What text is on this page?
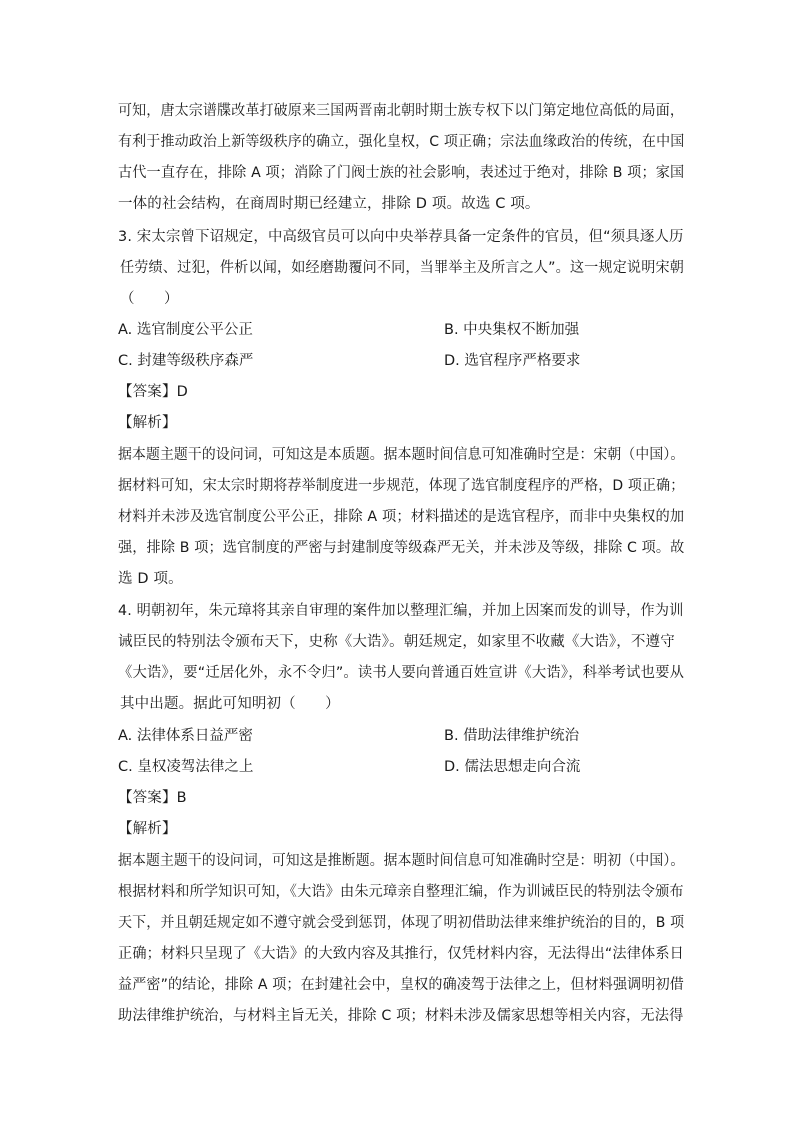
可知，唐太宗谱牒改革打破原来三国两晋南北朝时期士族专权下以门第定地位高低的局面，
有利于推动政治上新等级秩序的确立，强化皇权，C 项正确；宗法血缘政治的传统，在中国
古代一直存在，排除 A 项；消除了门阀士族的社会影响，表述过于绝对，排除 B 项；家国
一体的社会结构，在商周时期已经建立，排除 D 项。故选 C 项。
3. 宋太宗曾下诏规定，中高级官员可以向中央举荐具备一定条件的官员，但“须具逐人历
任劳绩、过犯，件析以闻，如经磨勘覆问不同，当罪举主及所言之人”。这一规定说明宋朝
（　　）
A. 选官制度公平公正	B. 中央集权不断加强
C. 封建等级秩序森严	D. 选官程序严格要求
【答案】D
【解析】
据本题主题干的设问词，可知这是本质题。据本题时间信息可知准确时空是：宋朝（中国）。
据材料可知，宋太宗时期将荐举制度进一步规范，体现了选官制度程序的严格，D 项正确；
材料并未涉及选官制度公平公正，排除 A 项；材料描述的是选官程序，而非中央集权的加
强，排除 B 项；选官制度的严密与封建制度等级森严无关，并未涉及等级，排除 C 项。故
选 D 项。
4. 明朝初年，朱元璋将其亲自审理的案件加以整理汇编，并加上因案而发的训导，作为训
诫臣民的特别法令颁布天下，史称《大诰》。朝廷规定，如家里不收藏《大诰》，不遵守
《大诰》，要“迁居化外，永不令归”。读书人要向普通百姓宣讲《大诰》，科举考试也要从
其中出题。据此可知明初（　　）
A. 法律体系日益严密	B. 借助法律维护统治
C. 皇权凌驾法律之上	D. 儒法思想走向合流
【答案】B
【解析】
据本题主题干的设问词，可知这是推断题。据本题时间信息可知准确时空是：明初（中国）。
根据材料和所学知识可知，《大诰》由朱元璋亲自整理汇编，作为训诫臣民的特别法令颁布
天下，并且朝廷规定如不遵守就会受到惩罚，体现了明初借助法律来维护统治的目的，B 项
正确；材料只呈现了《大诰》的大致内容及其推行，仅凭材料内容，无法得出“法律体系日
益严密”的结论，排除 A 项；在封建社会中，皇权的确凌驾于法律之上，但材料强调明初借
助法律维护统治，与材料主旨无关，排除 C 项；材料未涉及儒家思想等相关内容，无法得
